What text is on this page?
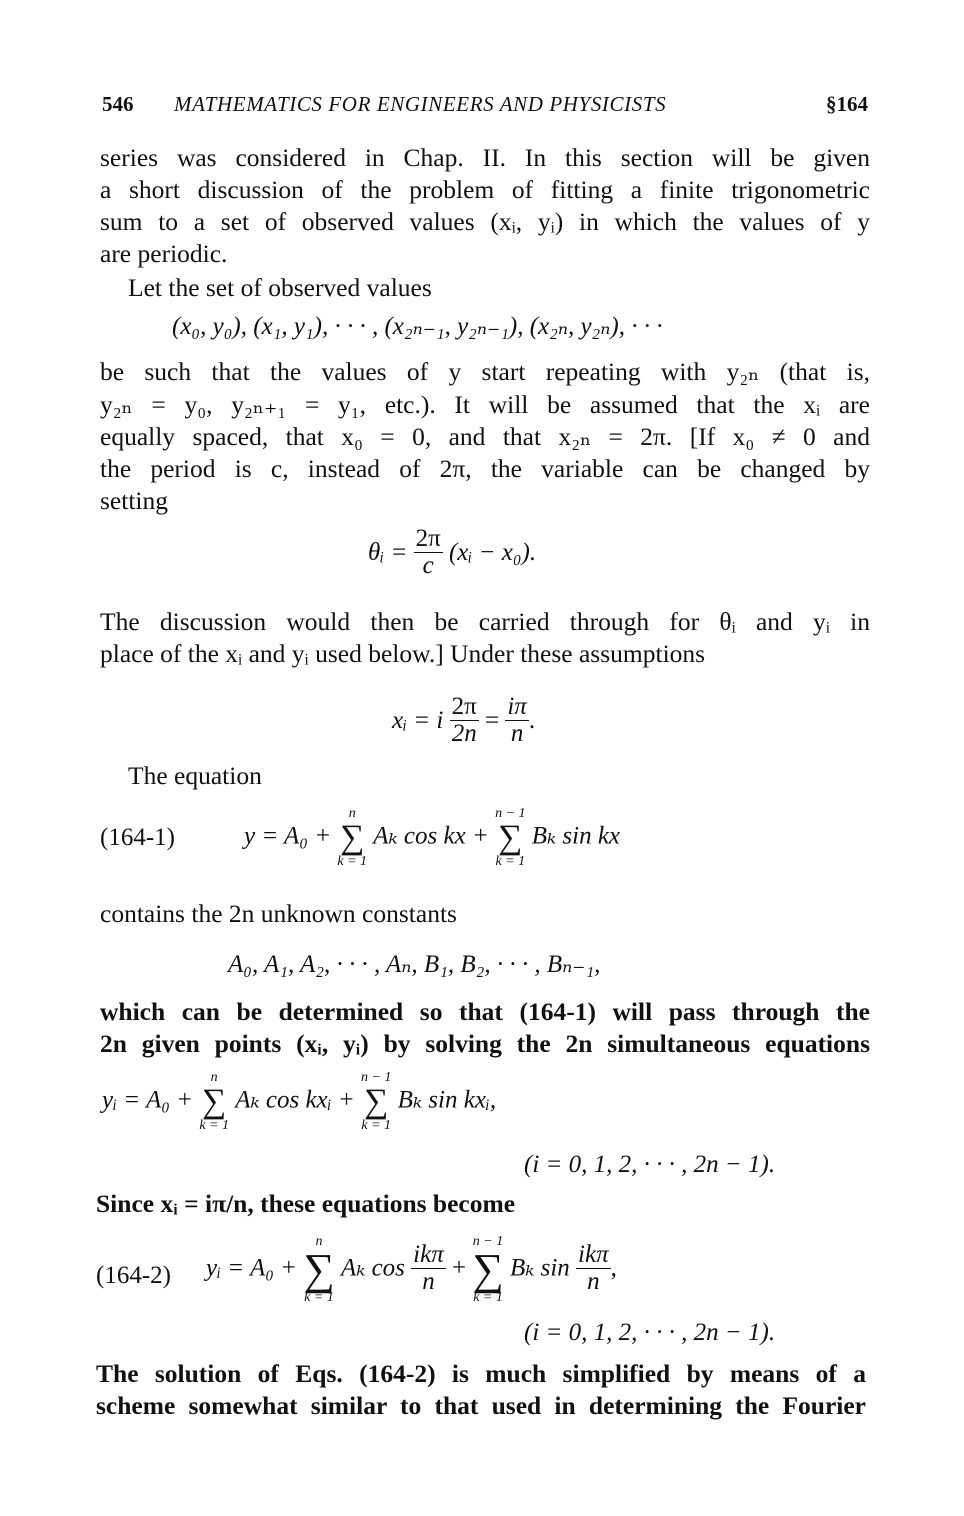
546 MATHEMATICS FOR ENGINEERS AND PHYSICISTS	§164
series was considered in Chap. II. In this section will be given
a short discussion of the problem of fitting a finite trigonometric
sum to a set of observed values (xᵢ, yᵢ) in which the values of y
are periodic.
Let the set of observed values
(x₀, y₀), (x₁, y₁), · · · , (x₂ₙ₋₁, y₂ₙ₋₁), (x₂ₙ, y₂ₙ), · · ·
be such that the values of y start repeating with y₂ₙ (that is,
y₂ₙ = y₀, y₂ₙ₊₁ = y₁, etc.). It will be assumed that the xᵢ are
equally spaced, that x₀ = 0, and that x₂ₙ = 2π. [If x₀ ≠ 0 and
the period is c, instead of 2π, the variable can be changed by
setting
θᵢ = $\frac{2\pi}{c}$ (xᵢ − x₀).
The discussion would then be carried through for θᵢ and yᵢ in
place of the xᵢ and yᵢ used below.] Under these assumptions
xᵢ = i $\frac{2\pi}{2n} = \frac{i\pi}{n}$ .
The equation
(164-1)	y = A₀ +
n
∑
k = 1
Aₖ cos kx +
n − 1
∑
k = 1
Bₖ sin kx
contains the 2n unknown constants
A₀, A₁, A₂, · · · , Aₙ, B₁, B₂, · · · , Bₙ₋₁,
which can be determined so that (164-1) will pass through the
2n given points (xᵢ, yᵢ) by solving the 2n simultaneous equations
yᵢ = A₀ +
n
∑
k = 1
Aₖ cos kxᵢ +
n − 1
∑
k = 1
Bₖ sin kxᵢ,
(i = 0, 1, 2, · · · , 2n − 1).
Since xᵢ = iπ/n, these equations become
(164-2) yᵢ = A₀ +
n
∑
k = 1
Aₖ $\cos \frac{\text{ikπ}}{n}$ +
n − 1
∑
k = 1
Bₖ $\sin \frac{\text{ikπ}}{n}$ ,
(i = 0, 1, 2, · · · , 2n − 1).
The solution of Eqs. (164-2) is much simplified by means of a
scheme somewhat similar to that used in determining the Fourier
